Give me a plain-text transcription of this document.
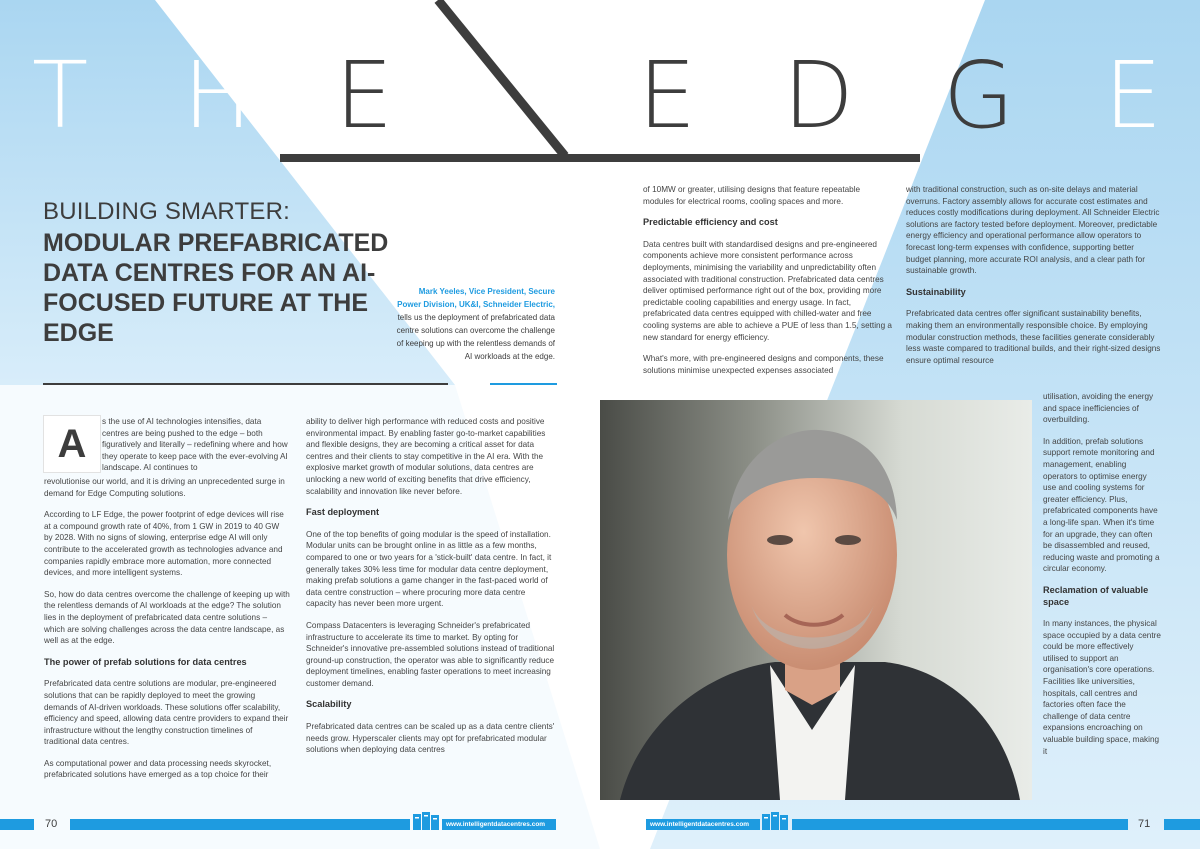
T H E	E D G E
BUILDING SMARTER:
MODULAR PREFABRICATED DATA CENTRES FOR AN AI-FOCUSED FUTURE AT THE EDGE
Mark Yeeles, Vice President, Secure Power Division, UK&I, Schneider Electric, tells us the deployment of prefabricated data centre solutions can overcome the challenge of keeping up with the relentless demands of AI workloads at the edge.
A

s the use of AI technologies intensifies, data centres are being pushed to the edge – both figuratively and literally – redefining where and how they operate to keep pace with the ever-evolving AI landscape. AI continues to

revolutionise our world, and it is driving an unprecedented surge in demand for Edge Computing solutions.

According to LF Edge, the power footprint of edge devices will rise at a compound growth rate of 40%, from 1 GW in 2019 to 40 GW by 2028. With no signs of slowing, enterprise edge AI will only contribute to the accelerated growth as technologies advance and companies rapidly embrace more automation, more connected devices, and more intelligent systems.

So, how do data centres overcome the challenge of keeping up with the relentless demands of AI workloads at the edge? The solution lies in the deployment of prefabricated data centre solutions – which are solving challenges across the data centre landscape, as well as at the edge.

The power of prefab solutions for data centres

Prefabricated data centre solutions are modular, pre-engineered solutions that can be rapidly deployed to meet the growing demands of AI-driven workloads. These solutions offer scalability, efficiency and speed, allowing data centre providers to expand their infrastructure without the lengthy construction timelines of traditional data centres.

As computational power and data processing needs skyrocket, prefabricated solutions have emerged as a top choice for their

ability to deliver high performance with reduced costs and positive environmental impact. By enabling faster go-to-market capabilities and flexible designs, they are becoming a critical asset for data centres and their clients to stay competitive in the AI era. With the explosive market growth of modular solutions, data centres are unlocking a new world of exciting benefits that drive efficiency, scalability and innovation like never before.

Fast deployment

One of the top benefits of going modular is the speed of installation. Modular units can be brought online in as little as a few months, compared to one or two years for a 'stick-built' data centre. In fact, it generally takes 30% less time for modular data centre deployment, making prefab solutions a game changer in the fast-paced world of data centre construction – where procuring more data centre capacity has never been more urgent.

Compass Datacenters is leveraging Schneider's prefabricated infrastructure to accelerate its time to market. By opting for Schneider's innovative pre-assembled solutions instead of traditional ground-up construction, the operator was able to significantly reduce deployment timelines, enabling faster operations to meet increasing customer demand.

Scalability

Prefabricated data centres can be scaled up as a data centre clients' needs grow. Hyperscaler clients may opt for prefabricated modular solutions when deploying data centres

of 10MW or greater, utilising designs that feature repeatable modules for electrical rooms, cooling spaces and more.

Predictable efficiency and cost

Data centres built with standardised designs and pre-engineered components achieve more consistent performance across deployments, minimising the variability and unpredictability often associated with traditional construction. Prefabricated data centres deliver optimised performance right out of the box, providing more predictable cooling capabilities and energy usage. In fact, prefabricated data centres equipped with chilled-water and free cooling systems are able to achieve a PUE of less than 1.5, setting a new standard for energy efficiency.

What's more, with pre-engineered designs and components, these solutions minimise unexpected expenses associated

with traditional construction, such as on-site delays and material overruns. Factory assembly allows for accurate cost estimates and reduces costly modifications during deployment. All Schneider Electric solutions are factory tested before deployment. Moreover, predictable energy efficiency and operational performance allow operators to forecast long-term expenses with confidence, supporting better budget planning, more accurate ROI analysis, and a clear path for sustainable growth.

Sustainability

Prefabricated data centres offer significant sustainability benefits, making them an environmentally responsible choice. By employing modular construction methods, these facilities generate considerably less waste compared to traditional builds, and their right-sized designs ensure optimal resource

utilisation, avoiding the energy and space inefficiencies of overbuilding.

In addition, prefab solutions support remote monitoring and management, enabling operators to optimise energy use and cooling systems for greater efficiency. Plus, prefabricated components have a long-life span. When it's time for an upgrade, they can often be disassembled and reused, reducing waste and promoting a circular economy.

Reclamation of valuable space

In many instances, the physical space occupied by a data centre could be more effectively utilised to support an organisation's core operations. Facilities like universities, hospitals, call centres and factories often face the challenge of data centre expansions encroaching on valuable building space, making it

70	www.intelligentdatacentres.com	www.intelligentdatacentres.com	71
